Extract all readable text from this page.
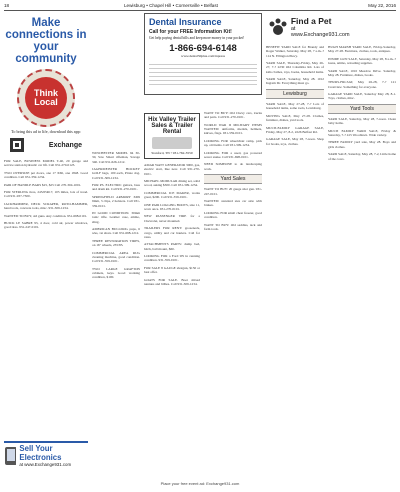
18	Lewisburg • Chapel Hill • Cornersville • Belfast	May 22, 2016
Make connections in your community
Think Local

To bring this ad to life, download this app:

Exchange
FOR SALE, BUSINESS MODEL T-40, 20 garage and service station hydraulic car lift. Call 931-270-0123.
TWO OVERSIZE pet doors, one 17 X66, one 18x8. Good condition. Call 931-359-1234.
PAIR OF HANDLE BARS $25, $25 Call 270-304-1001.
FOR STERLING tires, 245/65R17, 105 miles, lots of tread. Call 931-937-7300.
JACKHAMMER, DECK SCRAPER, ROTO-HAMMER, hand tools, concrete tools, misc. 931-309-1234.
WANTED TO BUY, old guns. Any condition. 931-698-0101.
BUICK LE SABRE 93, 4 door, cold air, power windows, good tires. 931-247-0101.
WINCHESTER MODEL 94 30-30, Saw Smart rifleman, Savage 340. Call 931-626-1212.
JAGERMEISTER HOCKEY GOLF bags, 100 each, Pirate dog. Call 931-309-1234.
FOR PS. ELECTRIC guitars, bass and drum kit. Call 931-270-0101.
SPRINGFIELD ARMORY XD9 9mm, 3 clips, 2 holsters. Call 931-359-0101.
IN GOOD CONDITION. 30mm tonic rifle. Leather case, ammo, sling.
AMERICAN BULLDOG pups, 6 wks, 1st shots. Call 931-698-1212.
THREE RESTORATION TIRES, on 16" wheels, 235/85.
COMMERCIAL AREA RUG cleaning machine, good condition. Call 931-359-0101.
TWO LARGE GRAFTON cabinets, keys. Good working condition, $100.
Dental Insurance
Call for your FREE Information Kit!
Get help paying dental bills and keep more money in your pocket!
1-866-694-6148
www.dental50plus.com/tnpress
Hix Valley Trailer Sales & Trailer Rental
Stanford, TN • 931-762-3550
AMAR WATT GENERATOR 3000, gas, electric start, like new. Call 931-270-0101.
MICHAEL MODULAR dining set, solid wood, asking $300. Call 931-309-1234.
COMMERCIAL ICE MAKER, works great, $200. Call 931-359-0101.
ONE PAIR LOGGING BOOTS, size 11, worn once. 931-270-0101.
NEW PASSENGER TIRE for a Chevrolet, never mounted.
TRAILERS FOR RENT: gooseneck, cargo, utility and car haulers. Call for rates.
ATTACHMENTS PARTS: dump bed, hitch, ball mount, $60.
LOOKING FOR a Ford 9N in running condition. 931-359-0101.
FOR SALE 8 GAUGE shotgun, $150 or best offer.
GOATS FOR SALE. Boer mixed nannies and billies. Call 931-309-1234.
WANT TO BUY: Old Chevy cars, trucks and parts. Call 931-270-0101.
WORLD WAR II MILITARY ITEMS WANTED: uniforms, medals, helmets, knives, flags. 931-359-0101.
LOOKING FOR wheelchair ramp, pick up, old items. Call 931-309-1234.
LOOKING FOR a used, gas powered sewer snake. Call 931-698-0101.
NEED SOMEONE to do landscaping work.
Yard Sales
WANT TO BUY: 20 gauge shot gun. 931-247-0101.
WANTED: standard size car axle with brakes.
LOOKING FOR small chest freezer, good condition.
WANT TO BUY: Old saddles, tack and farm tools.
BENEFIT YARD SALE for Brandy and Roger Walker, Saturday, May 28, 7 a.m.-? 114 N. Ellington Pkwy.
YARD SALE, Thursday-Friday, May 26-27, 7-? 2230 Old Columbia Rd. Lots of kids clothes, toys, books, household items.
YARD SALE, Saturday, May 28. 1012 Ingram Dr. Everything must go.
Lewisburg
YARD SALE, May 27-28, 7-? Lots of household items, some tools, Lewisburg.
MOVING SALE, May 27-28. Clothes, furniture, dishes, yard tools.
MULTI-FAMILY GARAGE SALE, Friday, May 27, 8-2, 2226 Belfast Rd.
GARAGE SALE, May 28, 7-noon. Shop for books, toys, clothes.
Find a Pet

at www.Exchange931.com

HUGH MARSH YARD SALE, Friday-Saturday, May 27-28. Furniture, clothes, tools, antiques.
INSIDE GUN SALE, Saturday, May 28, 8 a.m.-? Guns, ammo, reloading supplies.
YARD SALE, 1010 Meadow Drive. Saturday, May 28. Furniture, dishes, books.
THURS-FRI-SAT, May 26-28, 7-? 121 Crestview. Something for everyone.
GARAGE YARD SALE, Saturday May 28, 8-1. Toys, clothes, misc.
Yard Tools
YARD SALE, Saturday, May 28, 7-noon. Clean baby items.
MULTI FAMILY YARD SALE, Friday & Saturday, 7-? 415 Woodlawn. Wide variety.
THREE FAMILY yard sale, May 28. Boys and girls clothes.
YARD SALE, Saturday, May 28, 7-2, Little home of the cows.
Sell Your Electronics
at www.Exchange931.com
Place your free event ad: Exchange931.com
